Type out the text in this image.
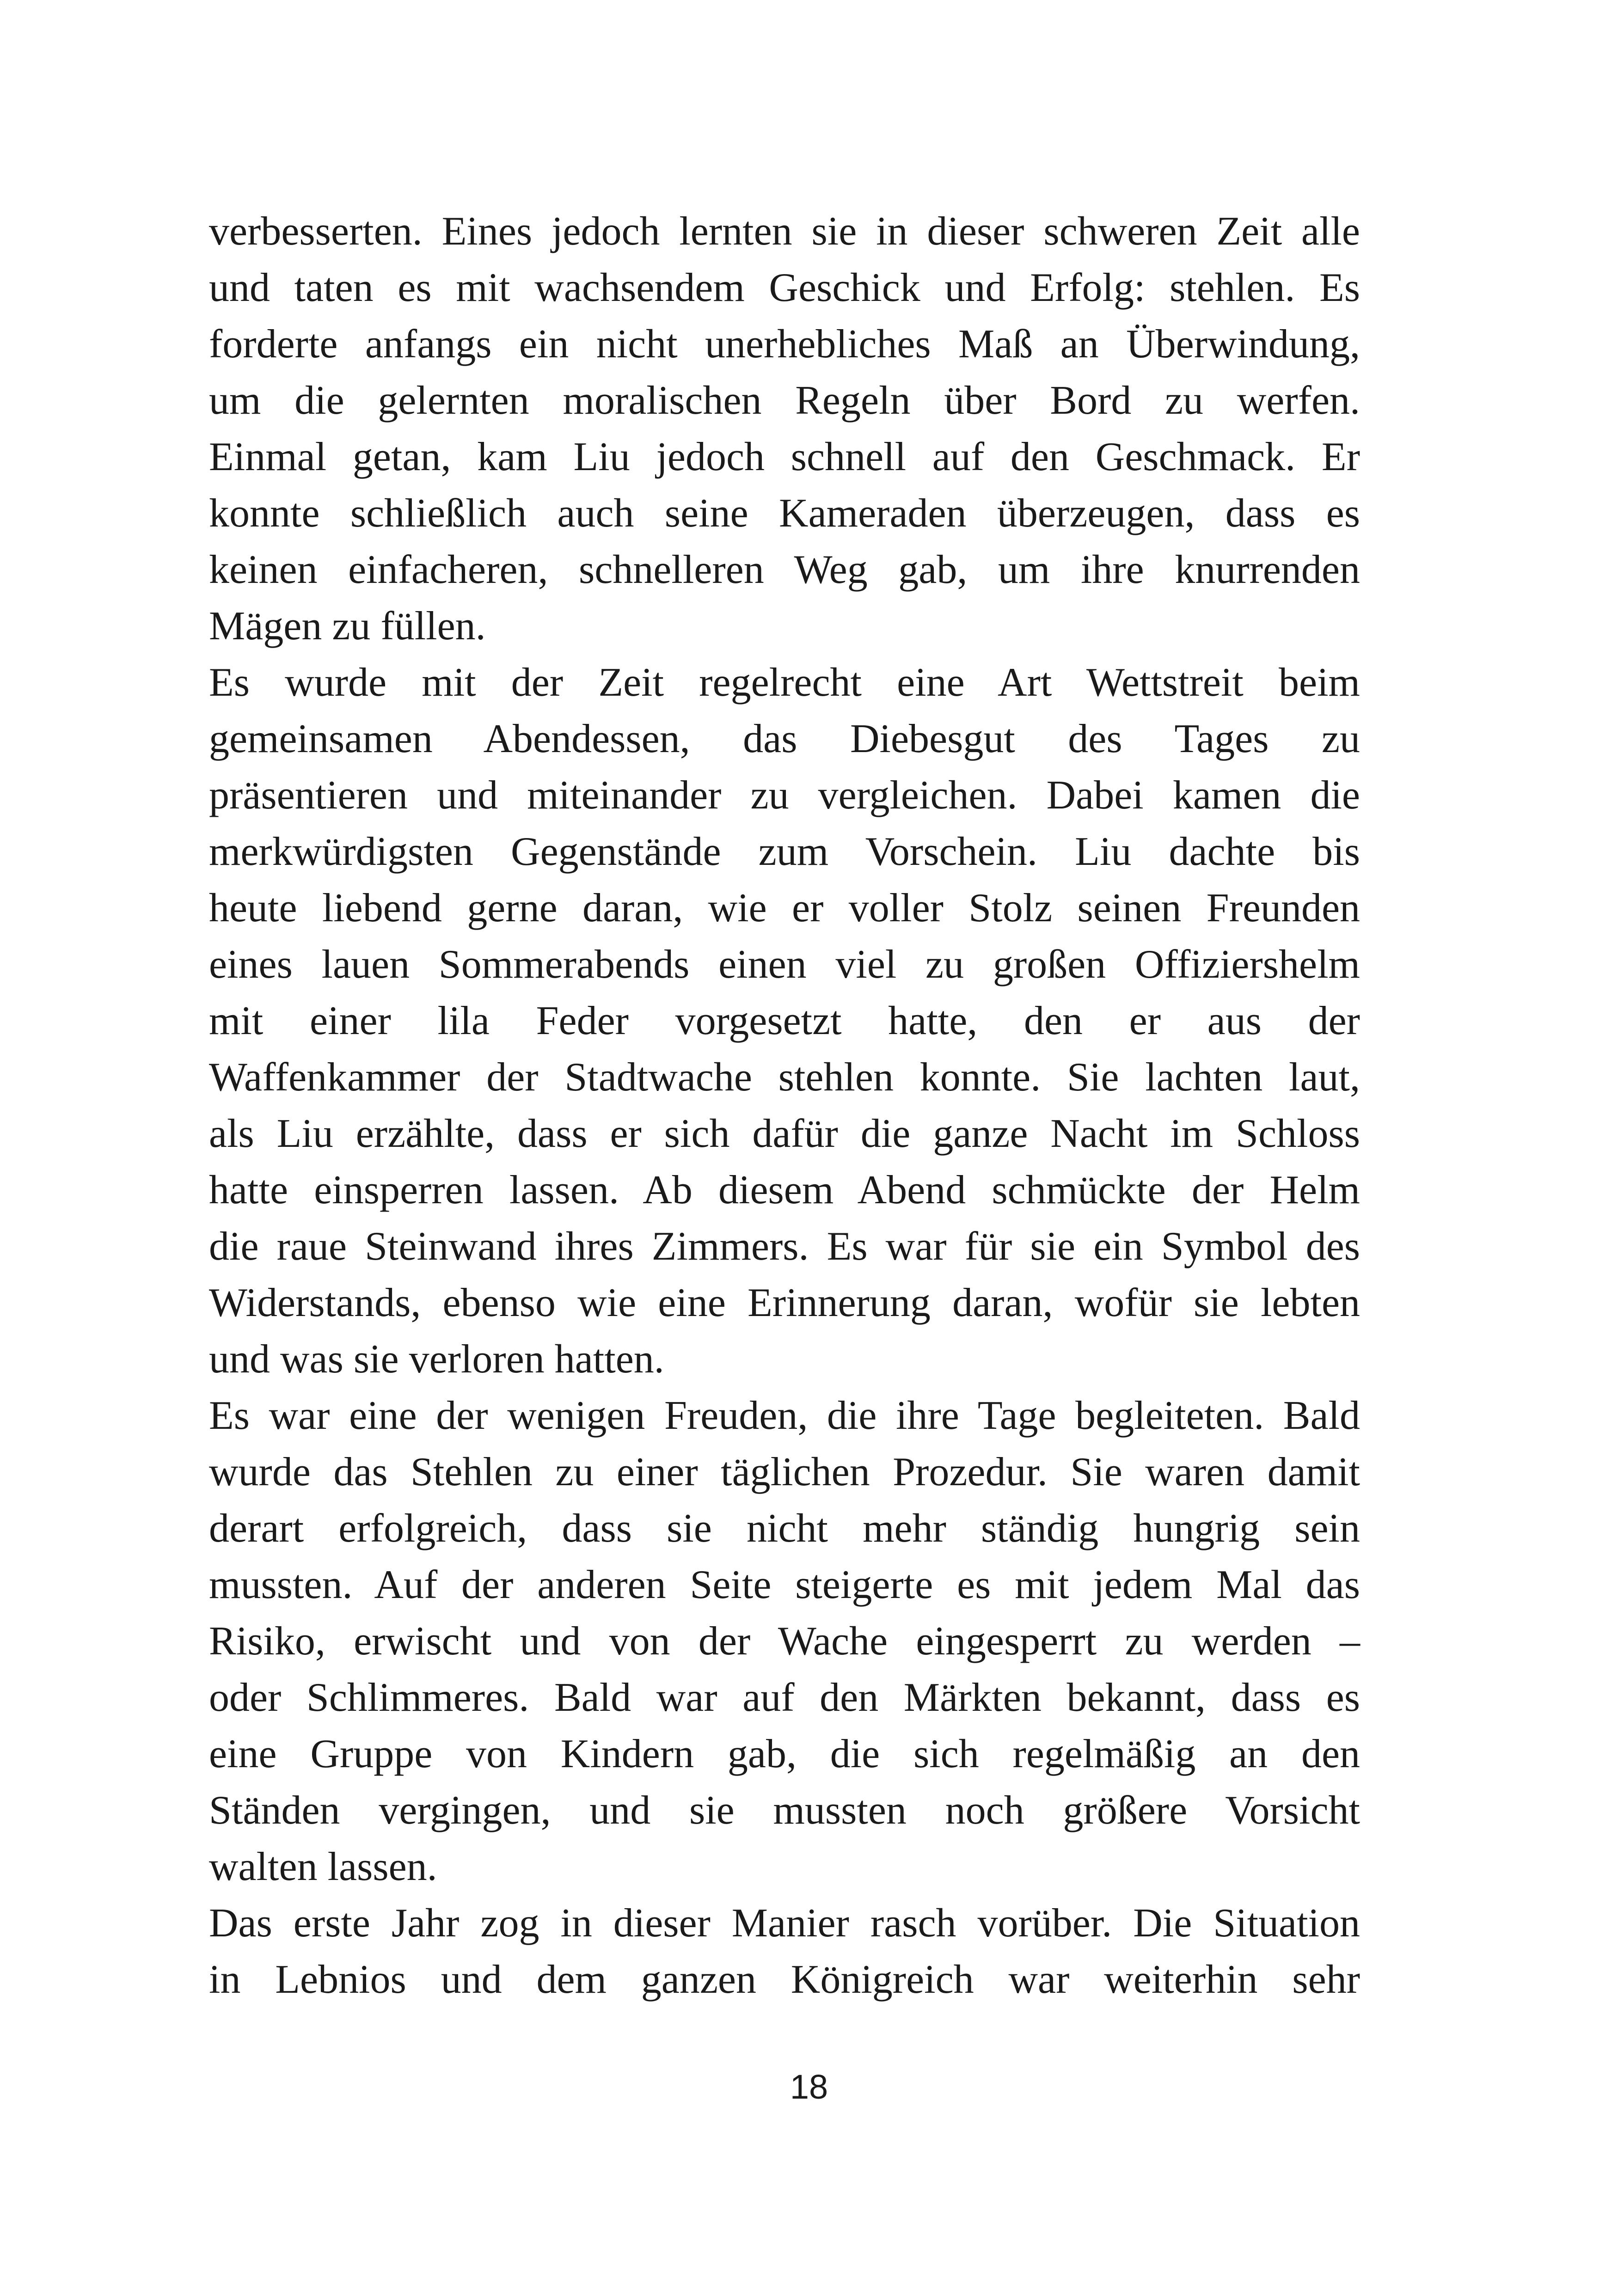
verbesserten. Eines jedoch lernten sie in dieser schweren Zeit alle
und taten es mit wachsendem Geschick und Erfolg: stehlen. Es
forderte anfangs ein nicht unerhebliches Maß an Überwindung,
um die gelernten moralischen Regeln über Bord zu werfen.
Einmal getan, kam Liu jedoch schnell auf den Geschmack. Er
konnte schließlich auch seine Kameraden überzeugen, dass es
keinen einfacheren, schnelleren Weg gab, um ihre knurrenden
Mägen zu füllen.
Es wurde mit der Zeit regelrecht eine Art Wettstreit beim
gemeinsamen Abendessen, das Diebesgut des Tages zu
präsentieren und miteinander zu vergleichen. Dabei kamen die
merkwürdigsten Gegenstände zum Vorschein. Liu dachte bis
heute liebend gerne daran, wie er voller Stolz seinen Freunden
eines lauen Sommerabends einen viel zu großen Offiziershelm
mit einer lila Feder vorgesetzt hatte, den er aus der
Waffenkammer der Stadtwache stehlen konnte. Sie lachten laut,
als Liu erzählte, dass er sich dafür die ganze Nacht im Schloss
hatte einsperren lassen. Ab diesem Abend schmückte der Helm
die raue Steinwand ihres Zimmers. Es war für sie ein Symbol des
Widerstands, ebenso wie eine Erinnerung daran, wofür sie lebten
und was sie verloren hatten.
Es war eine der wenigen Freuden, die ihre Tage begleiteten. Bald
wurde das Stehlen zu einer täglichen Prozedur. Sie waren damit
derart erfolgreich, dass sie nicht mehr ständig hungrig sein
mussten. Auf der anderen Seite steigerte es mit jedem Mal das
Risiko, erwischt und von der Wache eingesperrt zu werden –
oder Schlimmeres. Bald war auf den Märkten bekannt, dass es
eine Gruppe von Kindern gab, die sich regelmäßig an den
Ständen vergingen, und sie mussten noch größere Vorsicht
walten lassen.
Das erste Jahr zog in dieser Manier rasch vorüber. Die Situation
in Lebnios und dem ganzen Königreich war weiterhin sehr
18
